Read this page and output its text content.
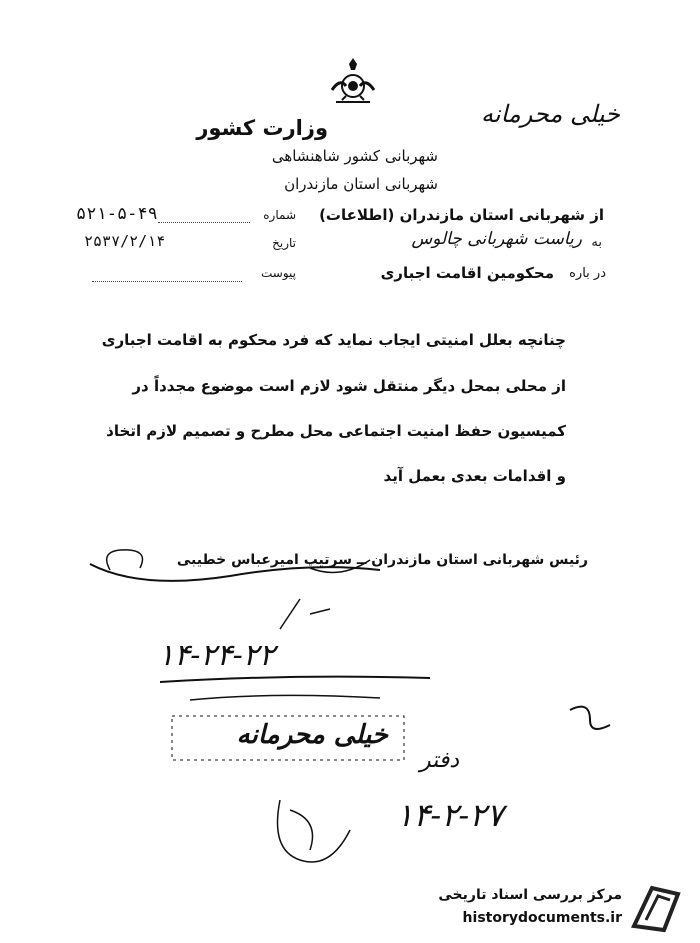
وزارت کشور	خیلی محرمانه
شهربانی کشور شاهنشاهی
شهربانی استان مازندران
از شهربانی استان مازندران (اطلاعات)
به
ریاست شهربانی چالوس
در باره
محکومین اقامت اجباری
شماره
۵۲۱-۵-۴۹
تاریخ
۲۵۳۷/۲/۱۴
پیوست
چنانچه بعلل امنیتی ایجاب نماید که فرد محکوم به اقامت اجباری
از محلی بمحل دیگر منتقل شود لازم است موضوع مجدداً در
کمیسیون حفظ امنیت اجتماعی محل مطرح و تصمیم لازم اتخاذ
و اقدامات بعدی بعمل آید
رئیس شهربانی استان مازندران ــ سرتیپ امیرعباس خطیبی
۱۴-۲۴-۲۲
خیلی محرمانه
دفتر
۱۴-۲-۲۷
مرکز بررسی اسناد تاریخی
historydocuments.ir
